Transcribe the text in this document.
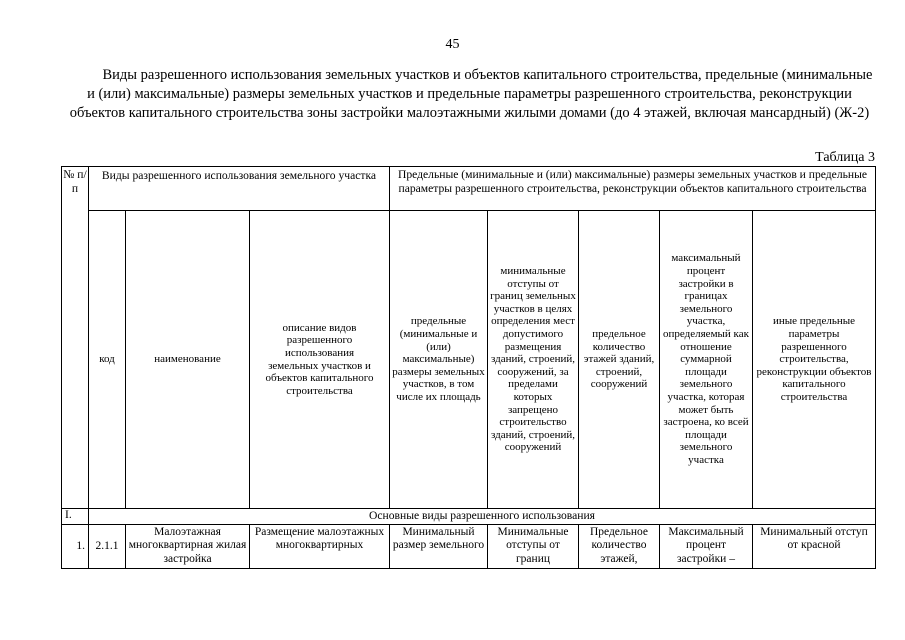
45
Виды разрешенного использования земельных участков и объектов капитального строительства, предельные (минимальные и (или) максимальные) размеры земельных участков и предельные параметры разрешенного строительства, реконструкции объектов капитального строительства зоны застройки малоэтажными жилыми домами (до 4 этажей, включая мансардный) (Ж-2)
Таблица 3
№ п/п	Виды разрешенного использования земельного участка			Предельные (минимальные и (или) максимальные) размеры земельных участков и предельные параметры разрешенного строительства, реконструкции объектов капитального строительства				
	код	наименование	описание видов разрешенного использования земельных участков и объектов капитального строительства	предельные (минимальные и (или) максимальные) размеры земельных участков, в том числе их площадь	минимальные отступы от границ земельных участков в целях определения мест допустимого размещения зданий, строений, сооружений, за пределами которых запрещено строительство зданий, строений, сооружений	предельное количество этажей зданий, строений, сооружений	максимальный процент застройки в границах земельного участка, определяемый как отношение суммарной площади земельного участка, которая может быть застроена, ко всей площади земельного участка	иные предельные параметры разрешенного строительства, реконструкции объектов капитального строительства
I.	Основные виды разрешенного использования							
1.	2.1.1	Малоэтажная многоквартирная жилая застройка	Размещение малоэтажных многоквартирных	Минимальный размер земельного	Минимальные отступы от границ	Предельное количество этажей,	Максимальный процент застройки –	Минимальный отступ от красной
